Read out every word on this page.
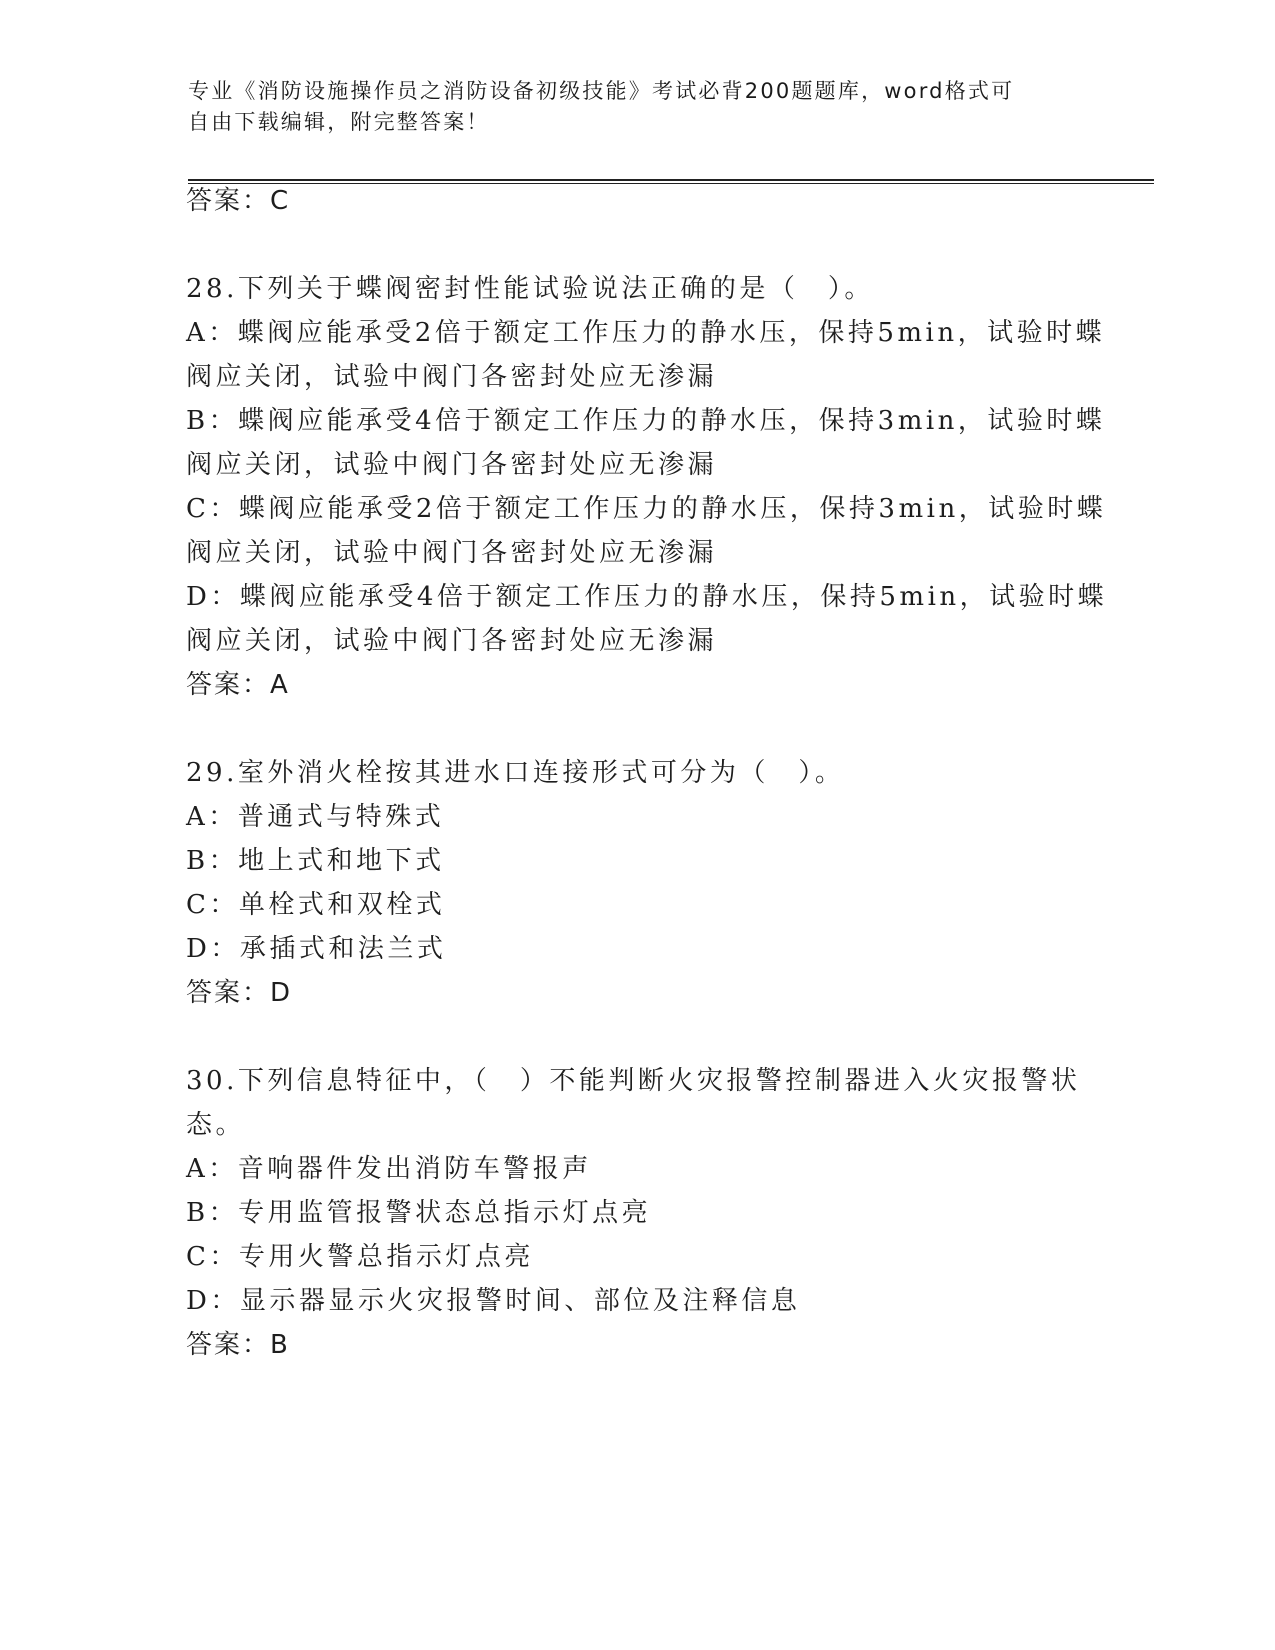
专业《消防设施操作员之消防设备初级技能》考试必背200题题库，word格式可
自由下载编辑，附完整答案！
答案：C
28.下列关于蝶阀密封性能试验说法正确的是（　）。
A：蝶阀应能承受2倍于额定工作压力的静水压，保持5min，试验时蝶
阀应关闭，试验中阀门各密封处应无渗漏
B：蝶阀应能承受4倍于额定工作压力的静水压，保持3min，试验时蝶
阀应关闭，试验中阀门各密封处应无渗漏
C：蝶阀应能承受2倍于额定工作压力的静水压，保持3min，试验时蝶
阀应关闭，试验中阀门各密封处应无渗漏
D：蝶阀应能承受4倍于额定工作压力的静水压，保持5min，试验时蝶
阀应关闭，试验中阀门各密封处应无渗漏
答案：A
29.室外消火栓按其进水口连接形式可分为（　）。
A：普通式与特殊式
B：地上式和地下式
C：单栓式和双栓式
D：承插式和法兰式
答案：D
30.下列信息特征中，（　）不能判断火灾报警控制器进入火灾报警状
态。
A：音响器件发出消防车警报声
B：专用监管报警状态总指示灯点亮
C：专用火警总指示灯点亮
D：显示器显示火灾报警时间、部位及注释信息
答案：B
